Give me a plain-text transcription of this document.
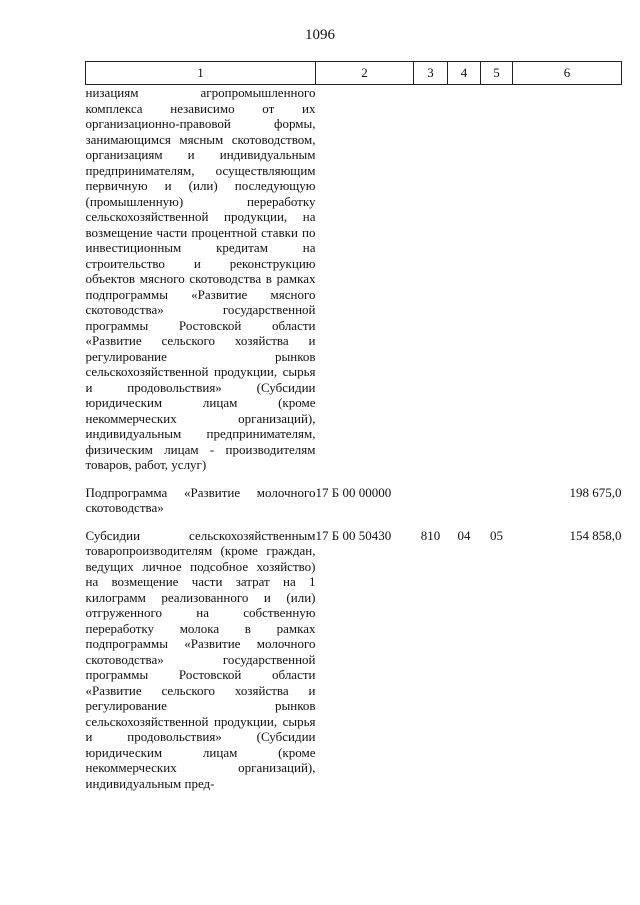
1096
1	2	3	4	5	6
низациям агропромышленного комплекса независимо от их организационно-правовой формы, занимающимся мясным скотоводством, организациям и индивидуальным предпринимателям, осуществляющим первичную и (или) последующую (промышленную) переработку сельскохозяйственной продукции, на возмещение части процентной ставки по инвестиционным кредитам на строительство и реконструкцию объектов мясного скотоводства в рамках подпрограммы «Развитие мясного скотоводства» государственной программы Ростовской области «Развитие сельского хозяйства и регулирование рынков сельскохозяйственной продукции, сырья и продовольствия» (Субсидии юридическим лицам (кроме некоммерческих организаций), индивидуальным предпринимателям, физическим лицам - производителям товаров, работ, услуг)					

Подпрограмма «Развитие молочного скотоводства»	17 Б 00 00000				198 675,0

Субсидии сельскохозяйственным товаропроизводителям (кроме граждан, ведущих личное подсобное хозяйство) на возмещение части затрат на 1 килограмм реализованного и (или) отгруженного на собственную переработку молока в рамках подпрограммы «Развитие молочного скотоводства» государственной программы Ростовской области «Развитие сельского хозяйства и регулирование рынков сельскохозяйственной продукции, сырья и продовольствия» (Субсидии юридическим лицам (кроме некоммерческих организаций), индивидуальным пред-	17 Б 00 50430	810	04	05	154 858,0
